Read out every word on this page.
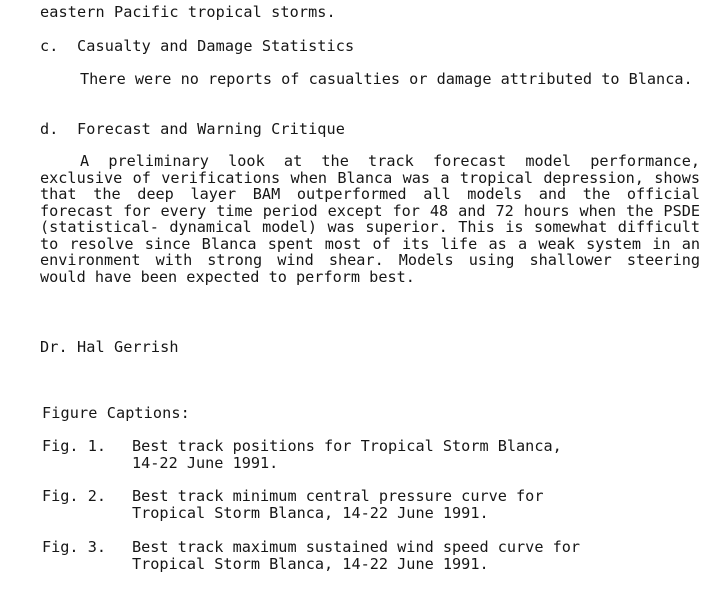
eastern Pacific tropical storms.
c.  Casualty and Damage Statistics
There were no reports of casualties or damage attributed to Blanca.
d.  Forecast and Warning Critique
A preliminary look at the track forecast model performance, exclusive of verifications when Blanca was a tropical depression, shows that the deep layer BAM outperformed all models and the official forecast for every time period except for 48 and 72 hours when the PSDE (statistical- dynamical model) was superior. This is somewhat difficult to resolve since Blanca spent most of its life as a weak system in an environment with strong wind shear. Models using shallower steering would have been expected to perform best.
Dr. Hal Gerrish
Figure Captions:
Fig. 1. Best track positions for Tropical Storm Blanca,
14-22 June 1991.
Fig. 2. Best track minimum central pressure curve for
Tropical Storm Blanca, 14-22 June 1991.
Fig. 3. Best track maximum sustained wind speed curve for
Tropical Storm Blanca, 14-22 June 1991.
